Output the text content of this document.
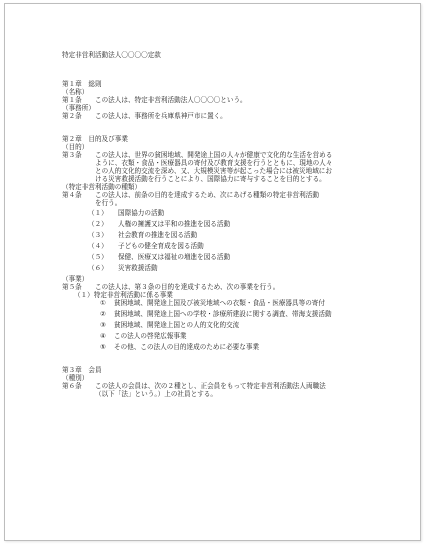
特定非営利活動法人〇〇〇〇定款
第１章　総則
（名称）
第１条	この法人は、特定非営利活動法人〇〇〇〇という。
（事務所）
第２条	この法人は、事務所を兵庫県神戸市に置く。
第２章　目的及び事業
（目的）
第３条	この法人は、世界の貧困地域、開発途上国の人々が健康で文化的な生活を営める
ように、衣類・食品・医療器具の寄付及び教育支援を行うとともに、現地の人々
との人的文化的交流を深め、又、大規模災害等が起こった場合には被災地域にお
ける災害救援活動を行うことにより、国際協力に寄与することを目的とする。
（特定非営利活動の種類）
第４条	この法人は、前条の目的を達成するため、次にあげる種類の特定非営利活動
を行う。
（１）	国際協力の活動
（２）	人権の擁護又は平和の推進を図る活動
（３）	社会教育の推進を図る活動
（４）	子どもの健全育成を図る活動
（５）	保健、医療又は福祉の増進を図る活動
（６）	災害救援活動
（事業）
第５条	この法人は、第３条の目的を達成するため、次の事業を行う。
（１）特定非営利活動に係る事業
①	貧困地域、開発途上国及び被災地域への衣類・食品・医療器具等の寄付
②	貧困地域、開発途上国への学校・診療所建設に関する調査、帯海支援活動
③	貧困地域、開発途上国との人的文化的交流
④	この法人の啓発広報事業
⑤	その他、この法人の目的達成のために必要な事業
第３章　会員
（種別）
第６条	この法人の会員は、次の２種とし、正会員をもって特定非営利活動法人両職法
（以下「法」という。）上の社員とする。
